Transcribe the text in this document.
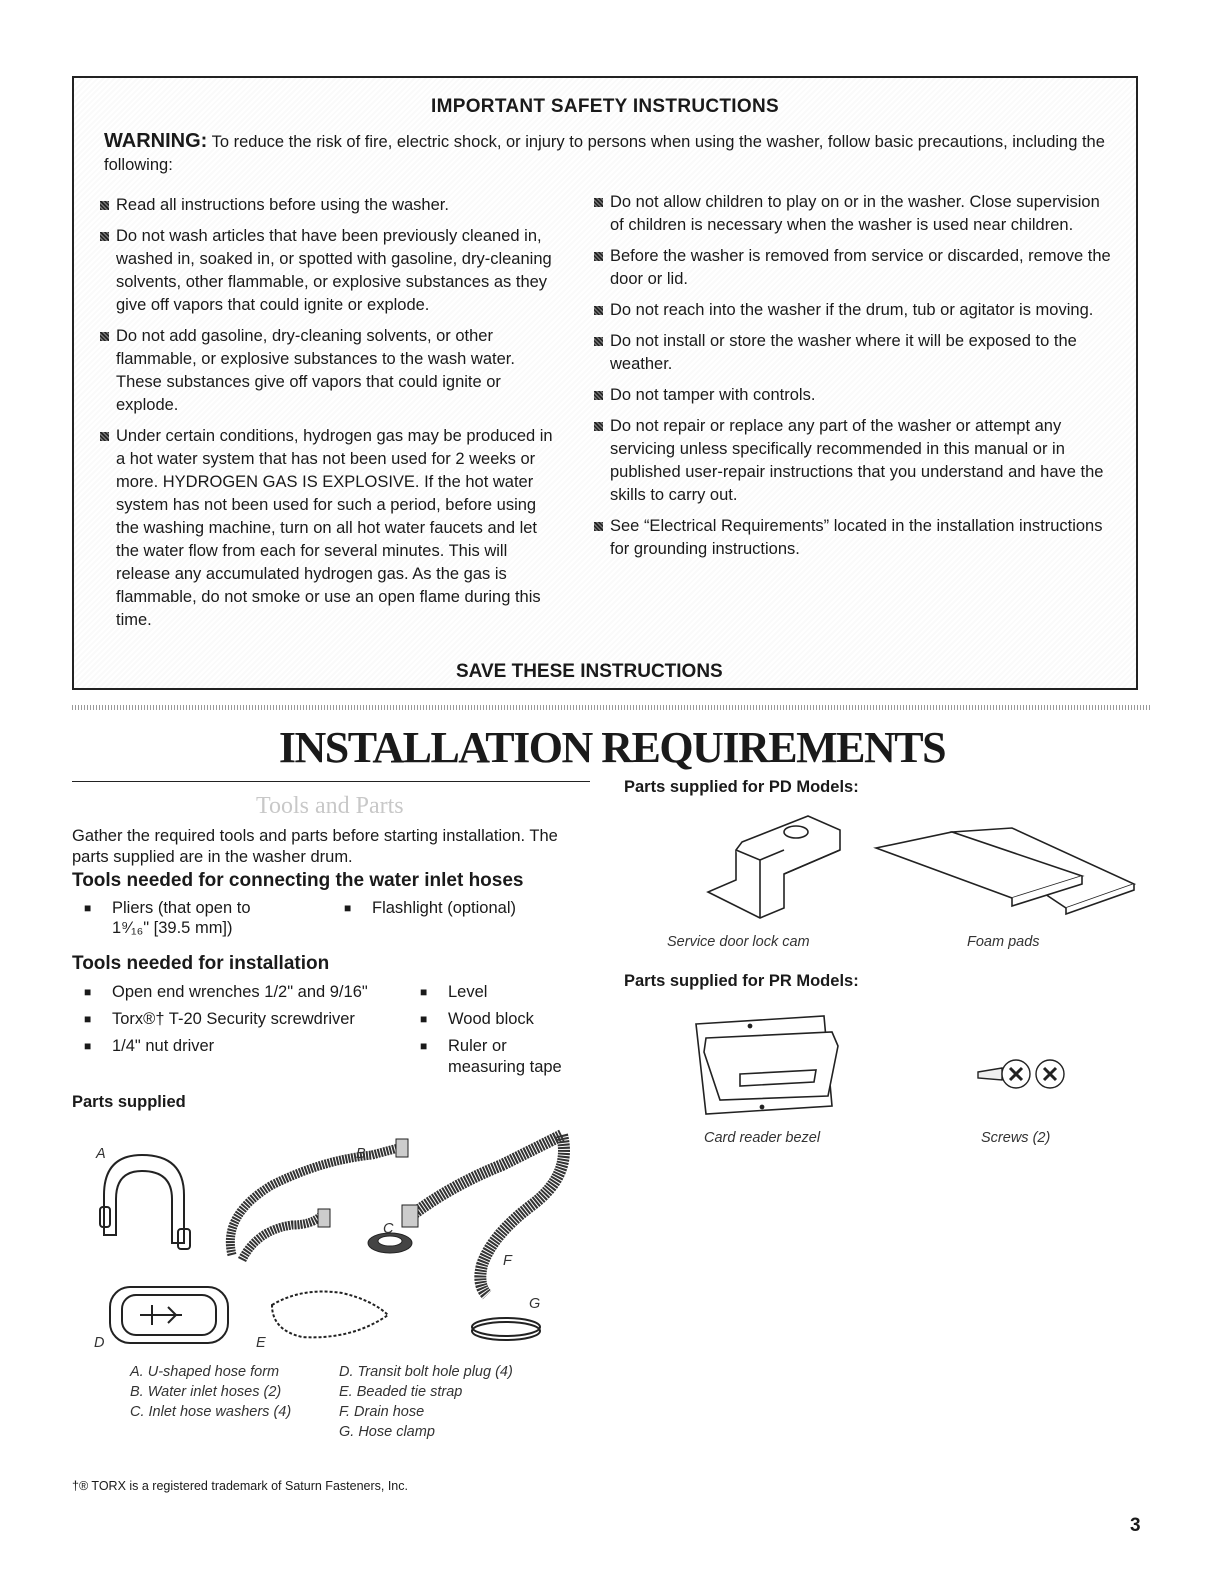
IMPORTANT SAFETY INSTRUCTIONS
WARNING: To reduce the risk of fire, electric shock, or injury to persons when using the washer, follow basic precautions, including the following:
Read all instructions before using the washer.
Do not wash articles that have been previously cleaned in, washed in, soaked in, or spotted with gasoline, dry-cleaning solvents, other flammable, or explosive substances as they give off vapors that could ignite or explode.
Do not add gasoline, dry-cleaning solvents, or other flammable, or explosive substances to the wash water. These substances give off vapors that could ignite or explode.
Under certain conditions, hydrogen gas may be produced in a hot water system that has not been used for 2 weeks or more. HYDROGEN GAS IS EXPLOSIVE. If the hot water system has not been used for such a period, before using the washing machine, turn on all hot water faucets and let the water flow from each for several minutes. This will release any accumulated hydrogen gas. As the gas is flammable, do not smoke or use an open flame during this time.
Do not allow children to play on or in the washer. Close supervision of children is necessary when the washer is used near children.
Before the washer is removed from service or discarded, remove the door or lid.
Do not reach into the washer if the drum, tub or agitator is moving.
Do not install or store the washer where it will be exposed to the weather.
Do not tamper with controls.
Do not repair or replace any part of the washer or attempt any servicing unless specifically recommended in this manual or in published user-repair instructions that you understand and have the skills to carry out.
See “Electrical Requirements” located in the installation instructions for grounding instructions.
SAVE THESE INSTRUCTIONS
INSTALLATION REQUIREMENTS
Tools and Parts
Gather the required tools and parts before starting installation. The parts supplied are in the washer drum.
Tools needed for connecting the water inlet hoses
■ Pliers (that open to
1⁹⁄₁₆" [39.5 mm])
■ Flashlight (optional)
Tools needed for installation
■ Open end wrenches 1/2" and 9/16"
■ Torx®† T-20 Security screwdriver
■ 1/4" nut driver
■ Level
■ Wood block
■ Ruler or
measuring tape
Parts supplied
A	B
C
D	E
F
G
A. U-shaped hose form
B. Water inlet hoses (2)
C. Inlet hose washers (4)
D. Transit bolt hole plug (4)
E. Beaded tie strap
F. Drain hose
G. Hose clamp
Parts supplied for PD Models:
Service door lock cam	Foam pads
Parts supplied for PR Models:
Card reader bezel	Screws (2)
†® TORX is a registered trademark of Saturn Fasteners, Inc.
3
